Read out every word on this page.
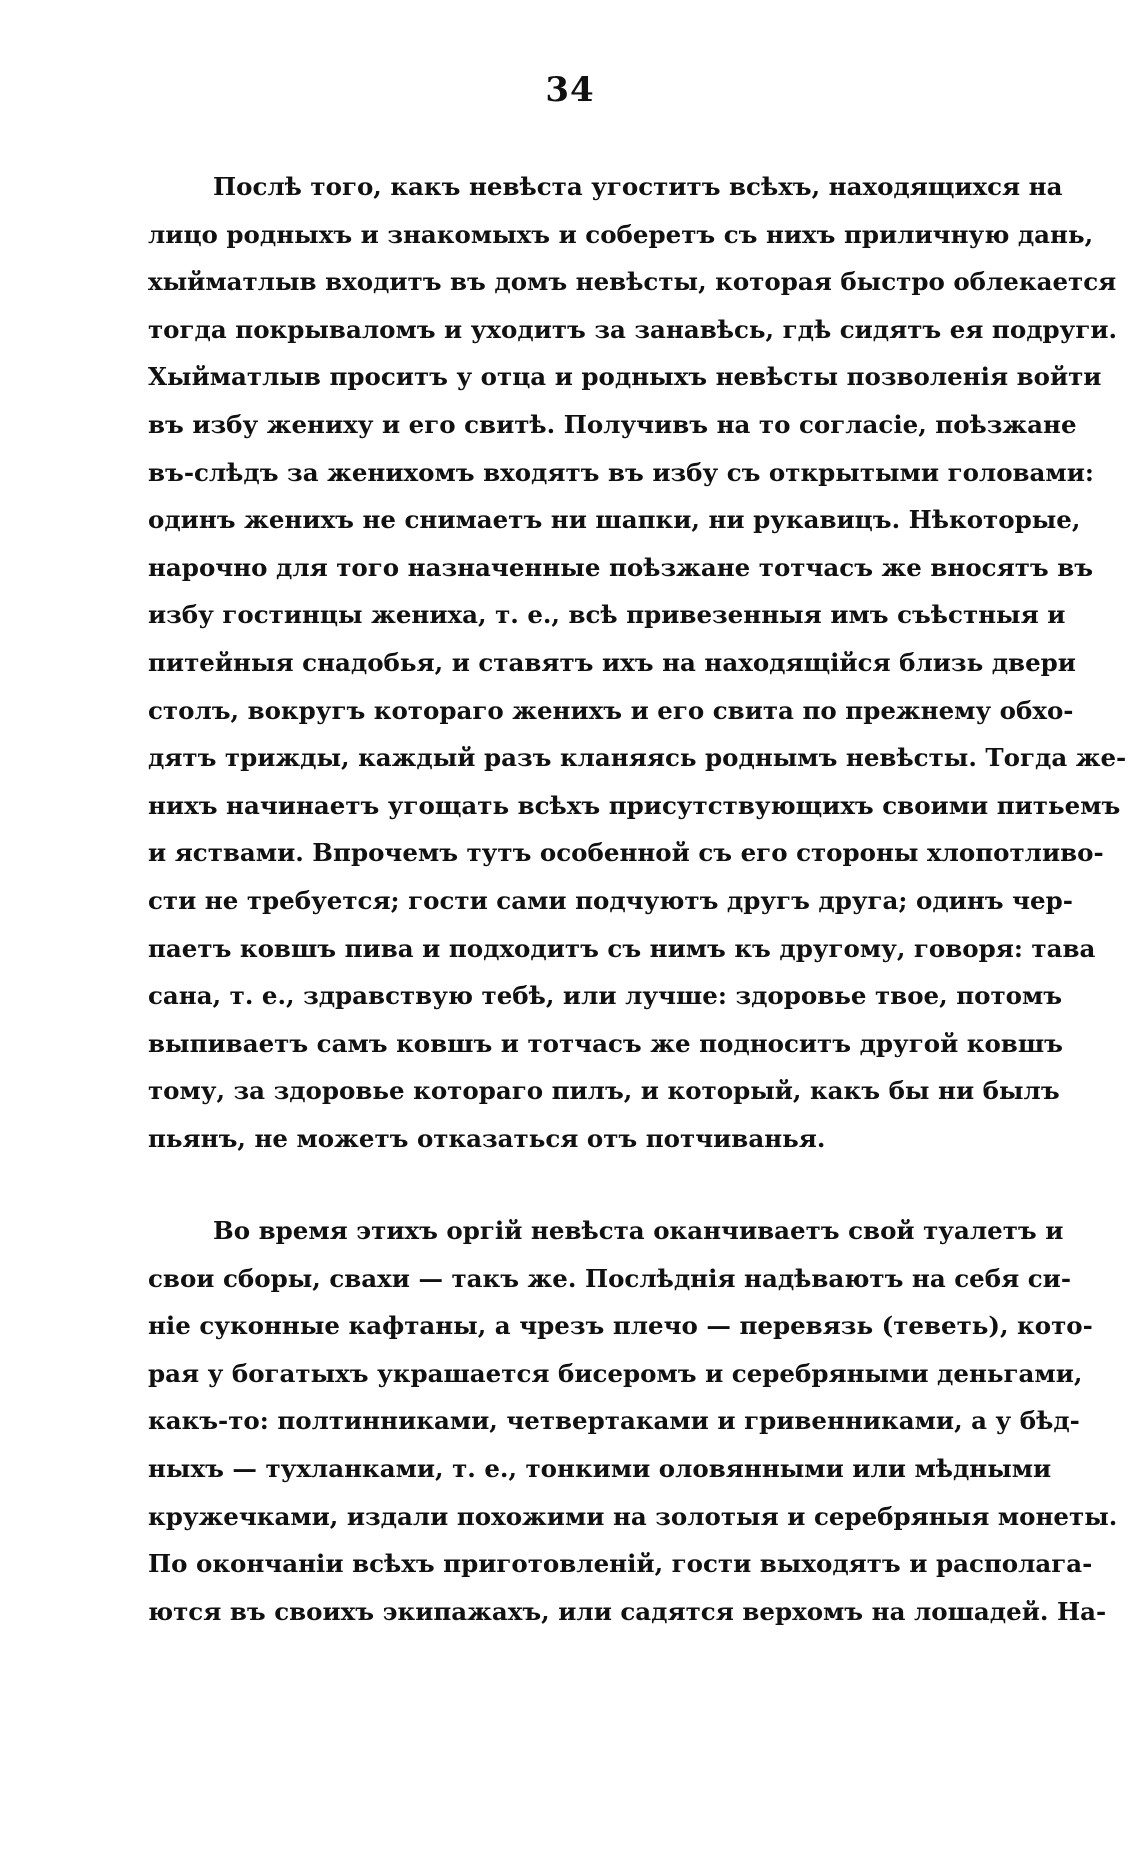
34
Послѣ того, какъ невѣста угоститъ всѣхъ, находящихся на
лицо родныхъ и знакомыхъ и соберетъ съ нихъ приличную дань,
хыйматлыв входитъ въ домъ невѣсты, которая быстро облекается
тогда покрываломъ и уходитъ за занавѣсь, гдѣ сидятъ ея подруги.
Хыйматлыв проситъ у отца и родныхъ невѣсты позволенія войти
въ избу жениху и его свитѣ. Получивъ на то согласіе, поѣзжане
въ-слѣдъ за женихомъ входятъ въ избу съ открытыми головами:
одинъ женихъ не снимаетъ ни шапки, ни рукавицъ. Нѣкоторые,
нарочно для того назначенные поѣзжане тотчасъ же вносятъ въ
избу гостинцы жениха, т. е., всѣ привезенныя имъ съѣстныя и
питейныя снадобья, и ставятъ ихъ на находящійся близь двери
столъ, вокругъ котораго женихъ и его свита по прежнему обхо-
дятъ трижды, каждый разъ кланяясь роднымъ невѣсты. Тогда же-
нихъ начинаетъ угощать всѣхъ присутствующихъ своими питьемъ
и яствами. Впрочемъ тутъ особенной съ его стороны хлопотливо-
сти не требуется; гости сами подчуютъ другъ друга; одинъ чер-
паетъ ковшъ пива и подходитъ съ нимъ къ другому, говоря: тава
сана, т. е., здравствую тебѣ, или лучше: здоровье твое, потомъ
выпиваетъ самъ ковшъ и тотчасъ же подноситъ другой ковшъ
тому, за здоровье котораго пилъ, и который, какъ бы ни былъ
пьянъ, не можетъ отказаться отъ потчиванья.
Во время этихъ оргій невѣста оканчиваетъ свой туалетъ и
свои сборы, свахи — такъ же. Послѣднія надѣваютъ на себя си-
ніе суконные кафтаны, а чрезъ плечо — перевязь (теветь), кото-
рая у богатыхъ украшается бисеромъ и серебряными деньгами,
какъ-то: полтинниками, четвертаками и гривенниками, а у бѣд-
ныхъ — тухланками, т. е., тонкими оловянными или мѣдными
кружечками, издали похожими на золотыя и серебряныя монеты.
По окончаніи всѣхъ приготовленій, гости выходятъ и располага-
ются въ своихъ экипажахъ, или садятся верхомъ на лошадей. На-
